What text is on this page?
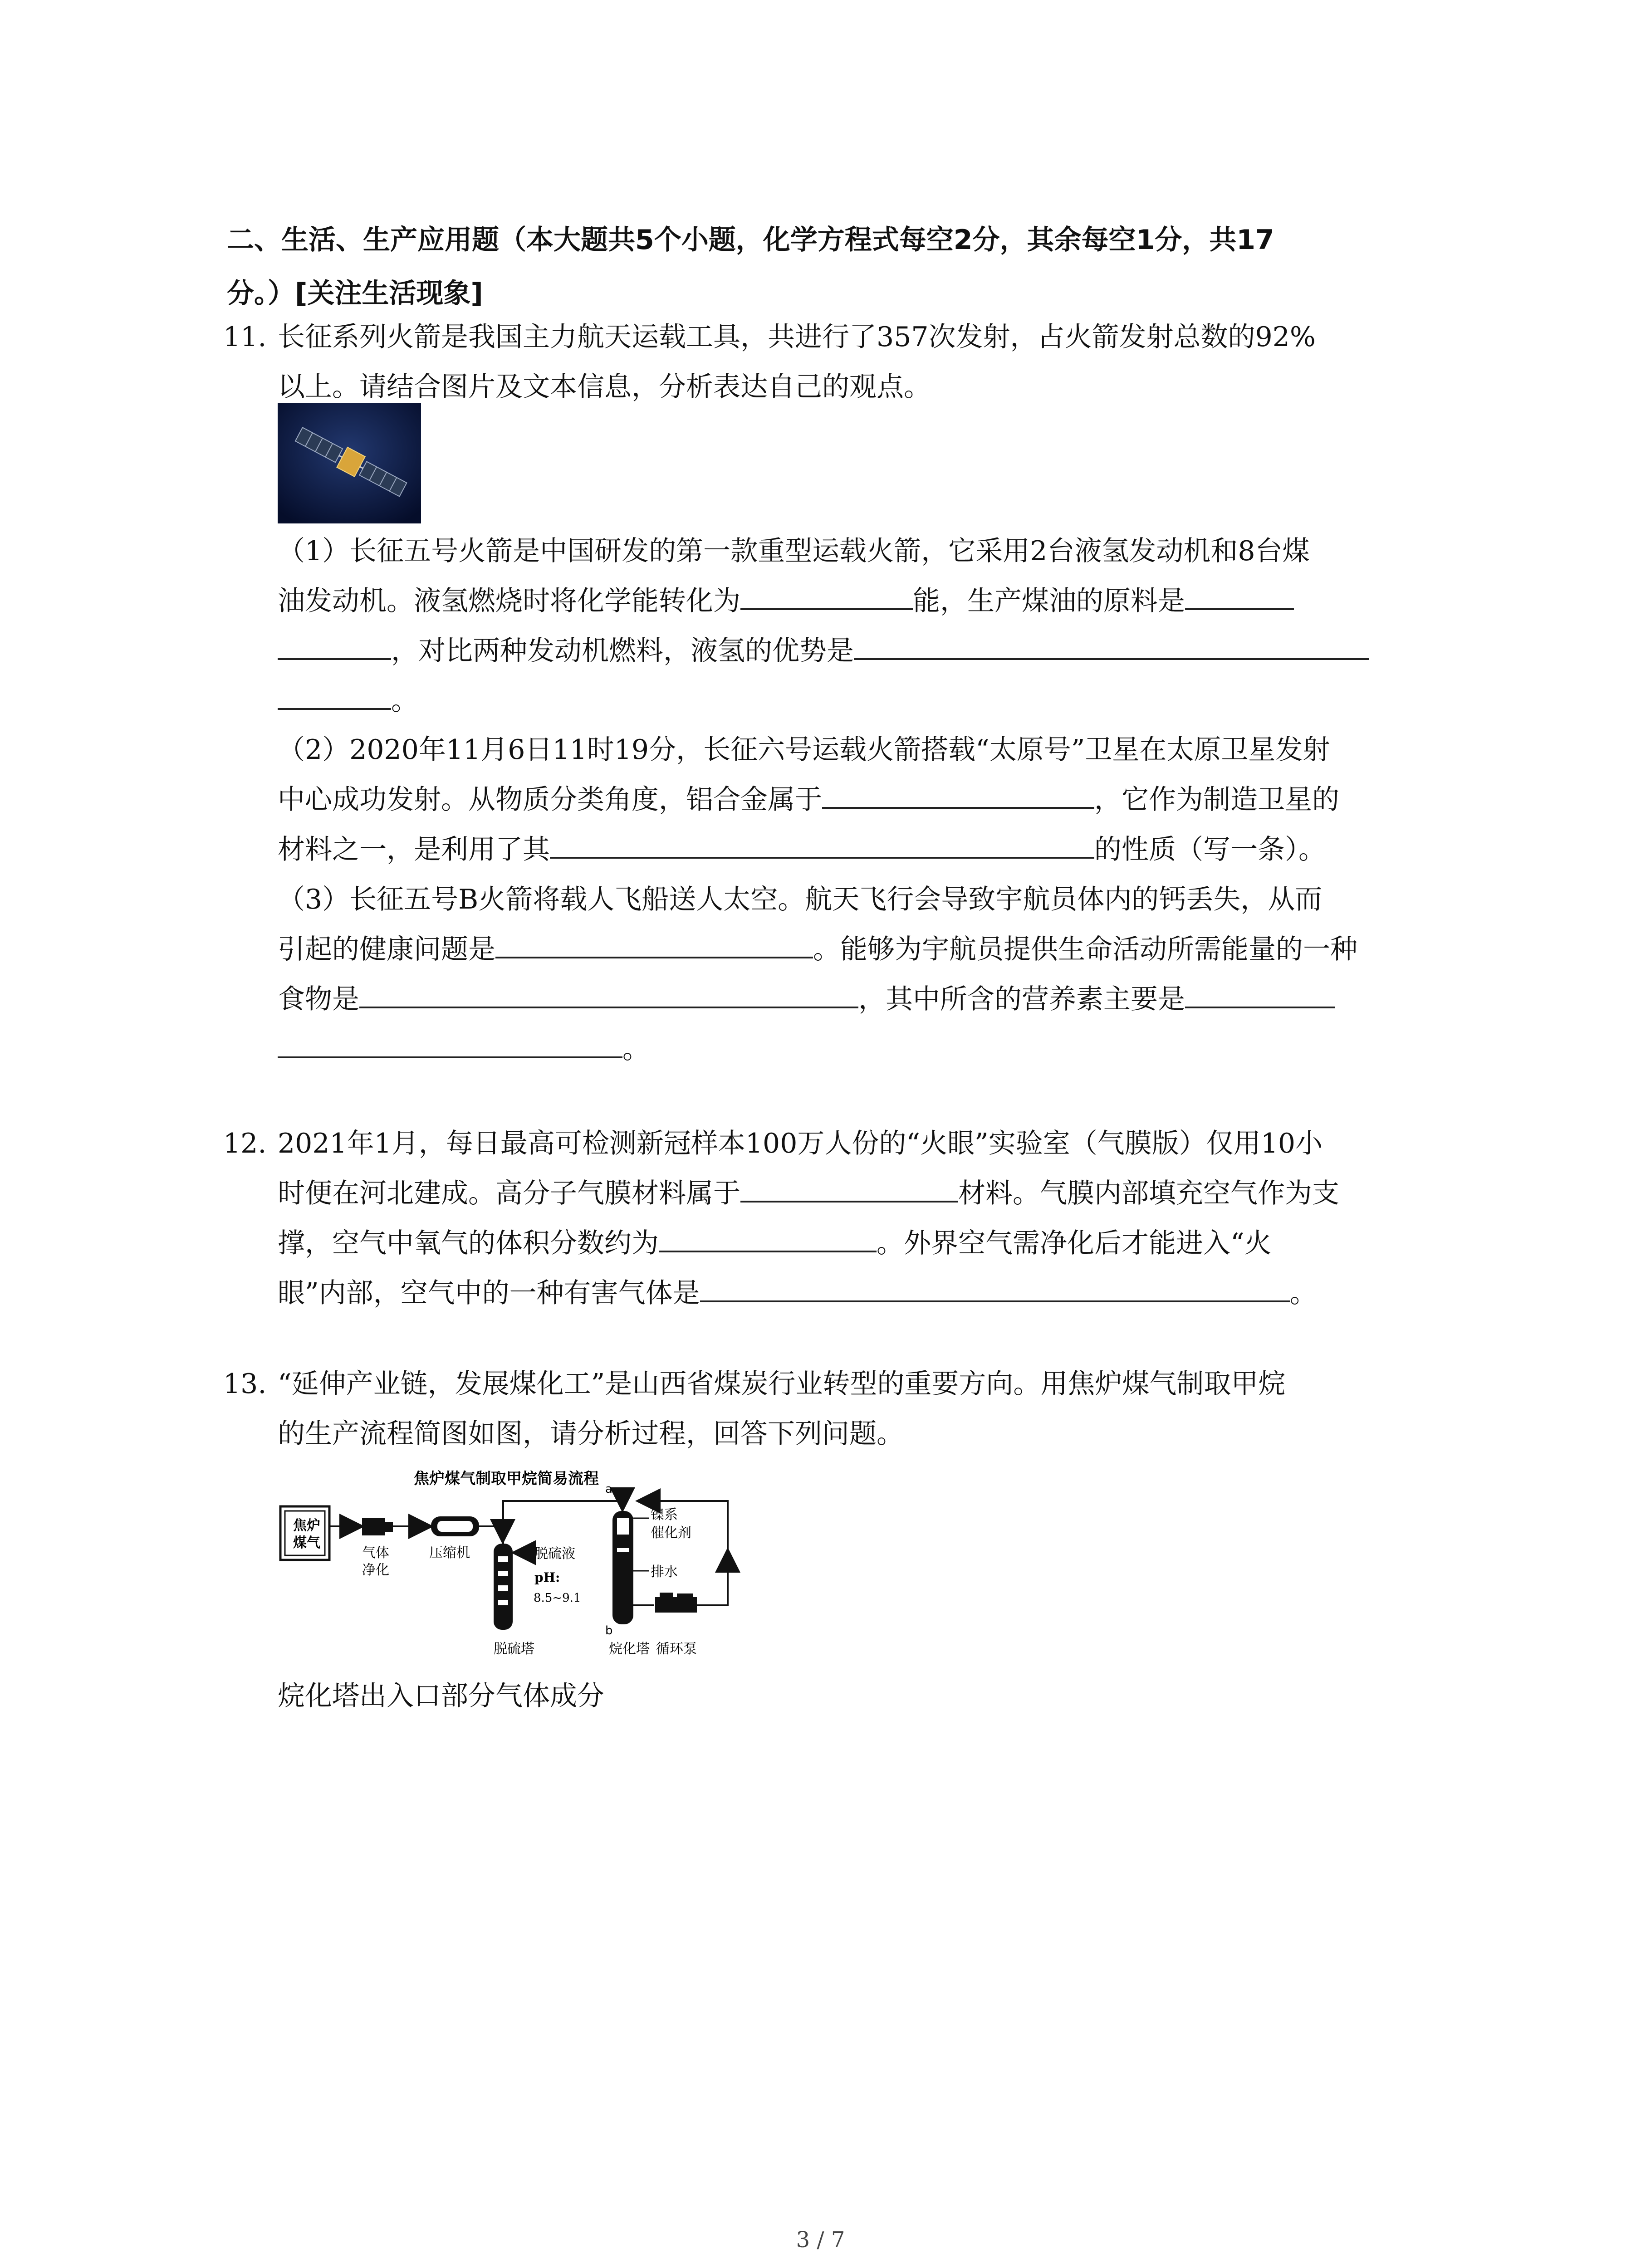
二、生活、生产应用题（本大题共5个小题，化学方程式每空2分，其余每空1分，共17
分。）[关注生活现象]
11. 长征系列火箭是我国主力航天运载工具，共进行了357次发射，占火箭发射总数的92%
以上。请结合图片及文本信息，分析表达自己的观点。
（1）长征五号火箭是中国研发的第一款重型运载火箭，它采用2台液氢发动机和8台煤
油发动机。液氢燃烧时将化学能转化为	能，生产煤油的原料是
，对比两种发动机燃料，液氢的优势是
。
（2）2020年11月6日11时19分，长征六号运载火箭搭载“太原号”卫星在太原卫星发射
中心成功发射。从物质分类角度，铝合金属于	，它作为制造卫星的
材料之一，是利用了其	的性质（写一条）。
（3）长征五号B火箭将载人飞船送人太空。航天飞行会导致宇航员体内的钙丢失，从而
引起的健康问题是	。能够为宇航员提供生命活动所需能量的一种
食物是	，其中所含的营养素主要是
。
12. 2021年1月，每日最高可检测新冠样本100万人份的“火眼”实验室（气膜版）仅用10小
时便在河北建成。高分子气膜材料属于	材料。气膜内部填充空气作为支
撑，空气中氧气的体积分数约为	。外界空气需净化后才能进入“火
眼”内部，空气中的一种有害气体是	。
13. “延伸产业链，发展煤化工”是山西省煤炭行业转型的重要方向。用焦炉煤气制取甲烷
的生产流程简图如图，请分析过程，回答下列问题。
焦炉煤气制取甲烷简易流程
焦炉
煤气
气体
净化
压缩机
脱硫塔
脱硫液
pH:
8.5~9.1
a
烷化塔
镍系
催化剂
排水
b
循环泵
烷化塔出入口部分气体成分
3 / 7
